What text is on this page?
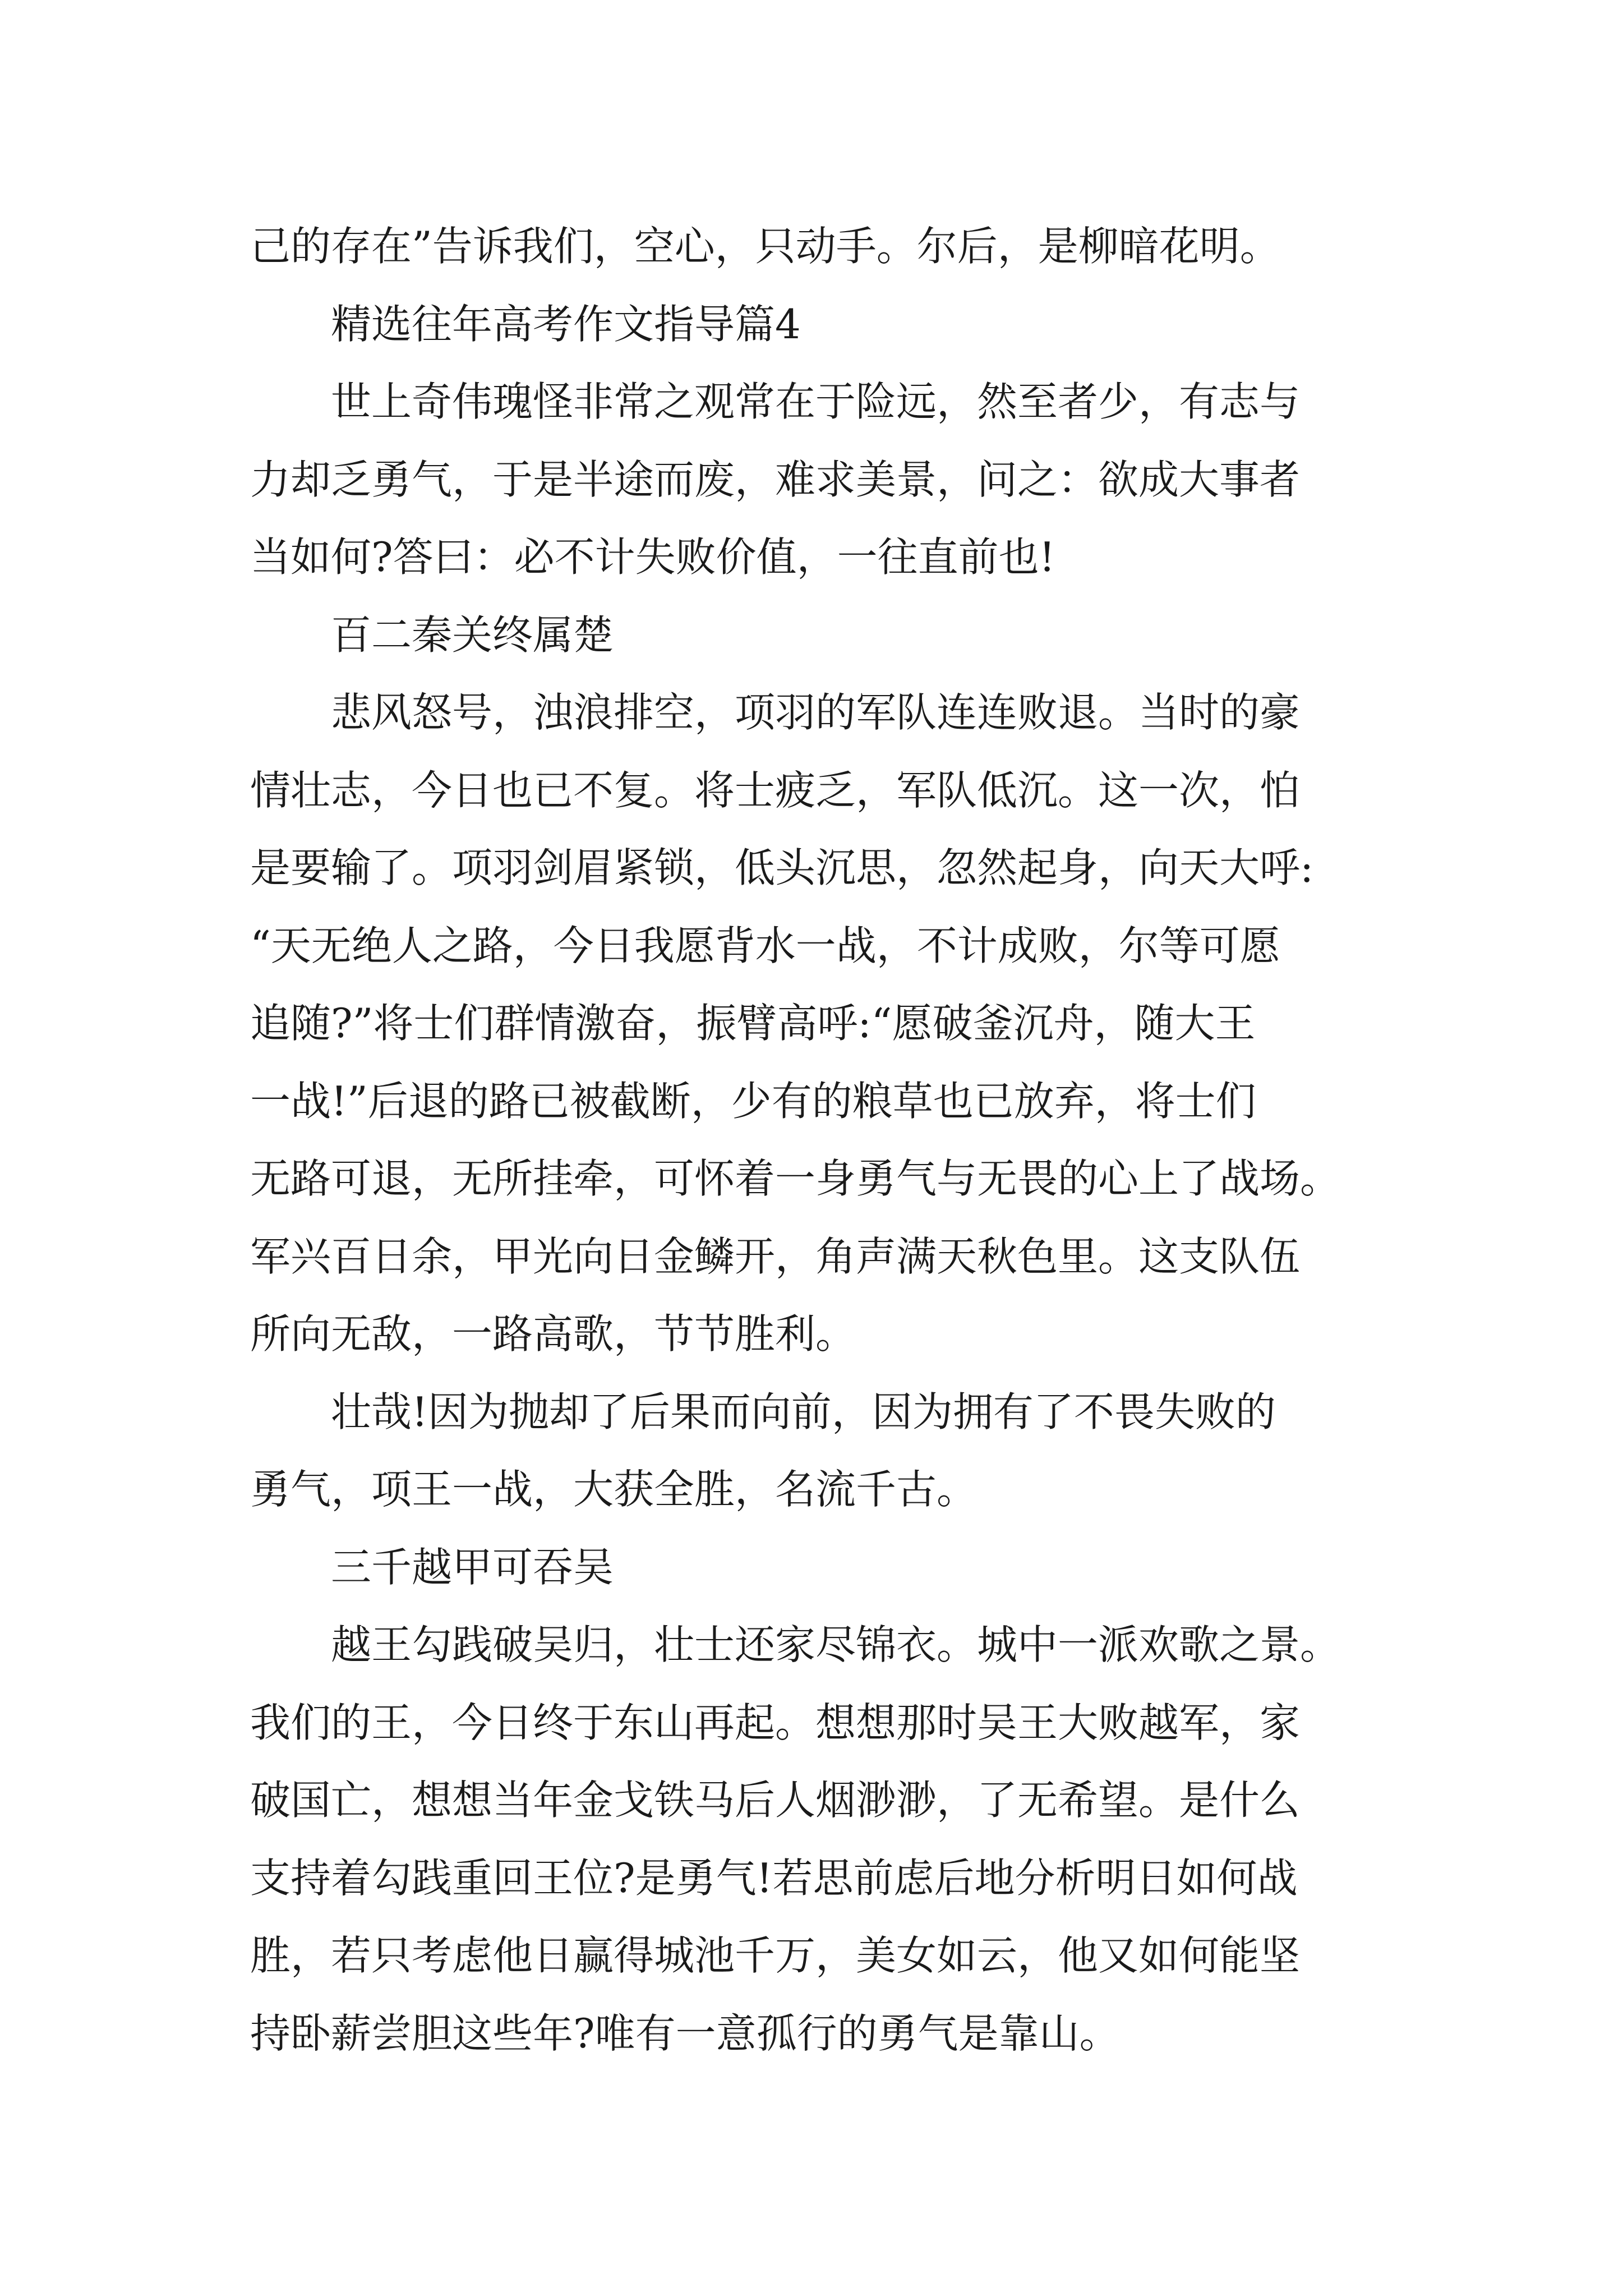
己的存在”告诉我们，空心，只动手。尔后，是柳暗花明。

精选往年高考作文指导篇4

世上奇伟瑰怪非常之观常在于险远，然至者少，有志与

力却乏勇气，于是半途而废，难求美景，问之：欲成大事者

当如何?答曰：必不计失败价值，一往直前也!

百二秦关终属楚

悲风怒号，浊浪排空，项羽的军队连连败退。当时的豪

情壮志，今日也已不复。将士疲乏，军队低沉。这一次，怕

是要输了。项羽剑眉紧锁，低头沉思，忽然起身，向天大呼:

“天无绝人之路，今日我愿背水一战，不计成败，尔等可愿

追随?”将士们群情激奋，振臂高呼:“愿破釜沉舟，随大王

一战!”后退的路已被截断，少有的粮草也已放弃，将士们

无路可退，无所挂牵，可怀着一身勇气与无畏的心上了战场。

军兴百日余，甲光向日金鳞开，角声满天秋色里。这支队伍

所向无敌，一路高歌，节节胜利。

壮哉!因为抛却了后果而向前，因为拥有了不畏失败的

勇气，项王一战，大获全胜，名流千古。

三千越甲可吞吴

越王勾践破吴归，壮士还家尽锦衣。城中一派欢歌之景。

我们的王，今日终于东山再起。想想那时吴王大败越军，家

破国亡，想想当年金戈铁马后人烟渺渺，了无希望。是什么

支持着勾践重回王位?是勇气!若思前虑后地分析明日如何战

胜，若只考虑他日赢得城池千万，美女如云，他又如何能坚

持卧薪尝胆这些年?唯有一意孤行的勇气是靠山。
